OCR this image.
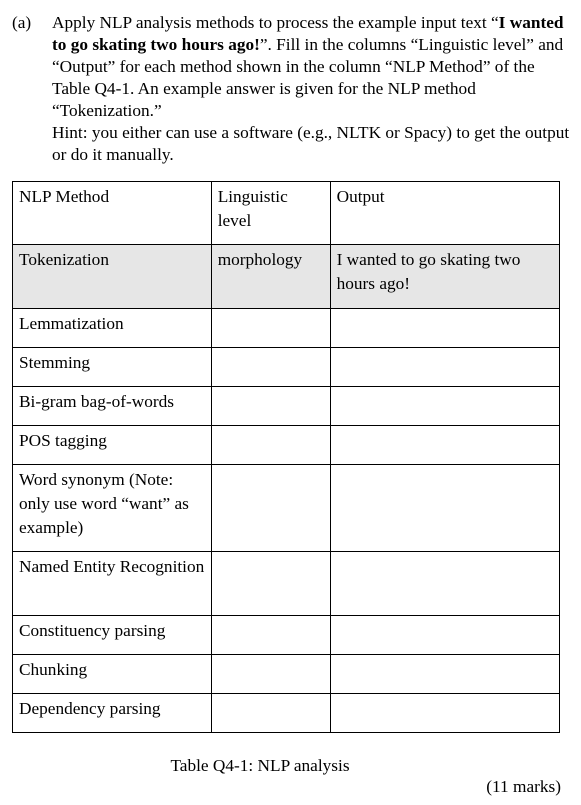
(a) Apply NLP analysis methods to process the example input text “I wanted to go skating two hours ago!”. Fill in the columns “Linguistic level” and “Output” for each method shown in the column “NLP Method” of the Table Q4-1. An example answer is given for the NLP method “Tokenization.”
Hint: you either can use a software (e.g., NLTK or Spacy) to get the output or do it manually.
NLP Method	Linguistic level	Output
Tokenization	morphology	I wanted to go skating two hours ago!
Lemmatization		
Stemming		
Bi-gram bag-of-words		
POS tagging		
Word synonym (Note: only use word “want” as example)		
Named Entity Recognition		
Constituency parsing		
Chunking		
Dependency parsing		
Table Q4-1: NLP analysis
(11 marks)
